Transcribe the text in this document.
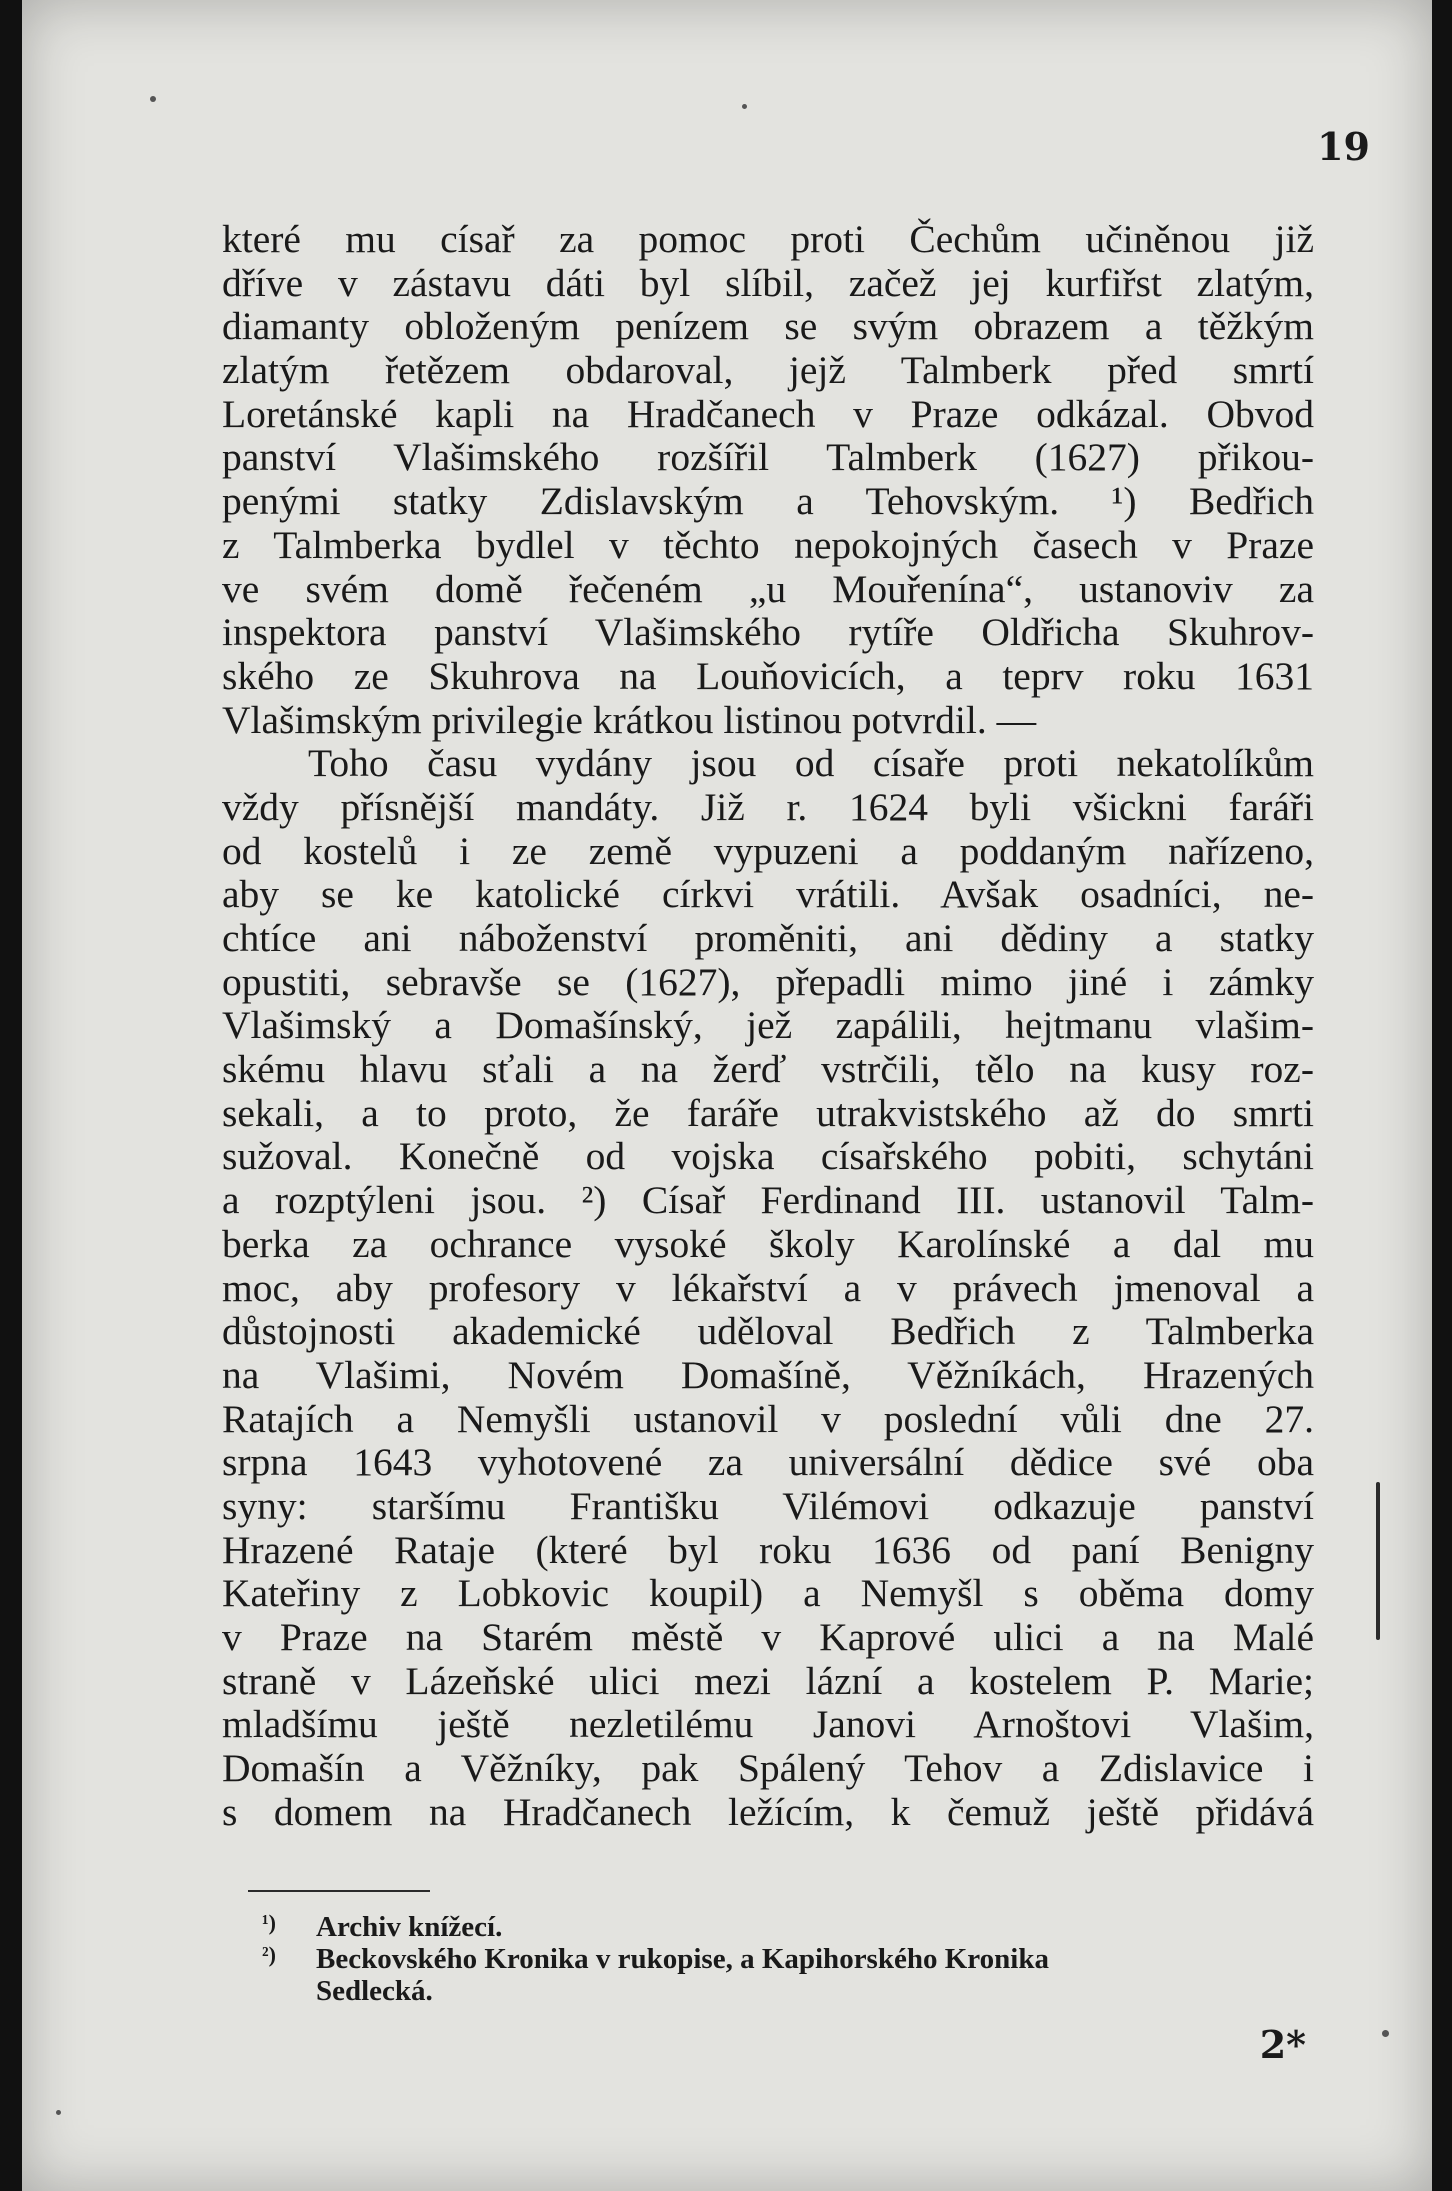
19
které mu císař za pomoc proti Čechům učiněnou již
dříve v zástavu dáti byl slíbil, začež jej kurfiřst zlatým,
diamanty obloženým penízem se svým obrazem a těžkým
zlatým řetězem obdaroval, jejž Talmberk před smrtí
Loretánské kapli na Hradčanech v Praze odkázal. Obvod
panství Vlašimského rozšířil Talmberk (1627) přikou-
penými statky Zdislavským a Tehovským. ¹) Bedřich
z Talmberka bydlel v těchto nepokojných časech v Praze
ve svém domě řečeném „u Mouřenína“, ustanoviv za
inspektora panství Vlašimského rytíře Oldřicha Skuhrov-
ského ze Skuhrova na Louňovicích, a teprv roku 1631
Vlašimským privilegie krátkou listinou potvrdil. —
Toho času vydány jsou od císaře proti nekatolíkům
vždy přísnější mandáty. Již r. 1624 byli všickni faráři
od kostelů i ze země vypuzeni a poddaným nařízeno,
aby se ke katolické církvi vrátili. Avšak osadníci, ne-
chtíce ani náboženství proměniti, ani dědiny a statky
opustiti, sebravše se (1627), přepadli mimo jiné i zámky
Vlašimský a Domašínský, jež zapálili, hejtmanu vlašim-
skému hlavu sťali a na žerď vstrčili, tělo na kusy roz-
sekali, a to proto, že faráře utrakvistského až do smrti
sužoval. Konečně od vojska císařského pobiti, schytáni
a rozptýleni jsou. ²) Císař Ferdinand III. ustanovil Talm-
berka za ochrance vysoké školy Karolínské a dal mu
moc, aby profesory v lékařství a v právech jmenoval a
důstojnosti akademické uděloval Bedřich z Talmberka
na Vlašimi, Novém Domašíně, Věžníkách, Hrazených
Ratajích a Nemyšli ustanovil v poslední vůli dne 27.
srpna 1643 vyhotovené za universální dědice své oba
syny: staršímu Františku Vilémovi odkazuje panství
Hrazené Rataje (které byl roku 1636 od paní Benigny
Kateřiny z Lobkovic koupil) a Nemyšl s oběma domy
v Praze na Starém městě v Kaprové ulici a na Malé
straně v Lázeňské ulici mezi lázní a kostelem P. Marie;
mladšímu ještě nezletilému Janovi Arnoštovi Vlašim,
Domašín a Věžníky, pak Spálený Tehov a Zdislavice i
s domem na Hradčanech ležícím, k čemuž ještě přidává
¹)	Archiv knížecí.
²)	Beckovského Kronika v rukopise, a Kapihorského Kronika
Sedlecká.
2*
